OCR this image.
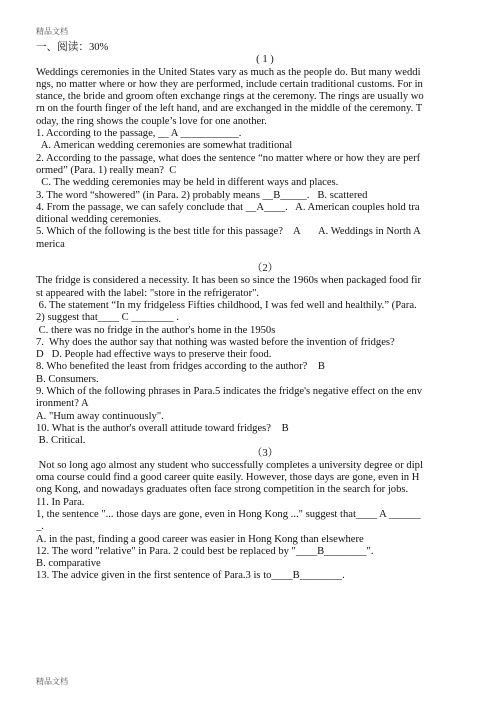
精品文档
一、阅读：30%
( 1 )
Weddings ceremonies in the United States vary as much as the people do. But many weddi
ngs, no matter where or how they are performed, include certain traditional customs. For in
stance, the bride and groom often exchange rings at the ceremony. The rings are usually wo
rn on the fourth finger of the left hand, and are exchanged in the middle of the ceremony. T
oday, the ring shows the couple’s love for one another.
1. According to the passage, __ A ___________.
A. American wedding ceremonies are somewhat traditional
2. According to the passage, what does the sentence “no matter where or how they are perf
ormed” (Para. 1) really mean?  C
C. The wedding ceremonies may be held in different ways and places.
3. The word “showered” (in Para. 2) probably means __B_____.   B. scattered
4. From the passage, we can safely conclude that __A____.   A. American couples hold tra
ditional wedding ceremonies.
5. Which of the following is the best title for this passage?    A       A. Weddings in North A
merica
（2）
The fridge is considered a necessity. It has been so since the 1960s when packaged food fir
st appeared with the label: "store in the refrigerator".
6. The statement “In my fridgeless Fifties childhood, I was fed well and healthily.” (Para.
2) suggest that____ C ________ .
C. there was no fridge in the author's home in the 1950s
7.  Why does the author say that nothing was wasted before the invention of fridges?
D   D. People had effective ways to preserve their food.
8. Who benefited the least from fridges according to the author?    B
B. Consumers.
9. Which of the following phrases in Para.5 indicates the fridge's negative effect on the env
ironment? A
A. "Hum away continuously".
10. What is the author's overall attitude toward fridges?    B
B. Critical.
（3）
Not so long ago almost any student who successfully completes a university degree or dipl
oma course could find a good career quite easily. However, those days are gone, even in H
ong Kong, and nowadays graduates often face strong competition in the search for jobs.
11. In Para.
1, the sentence "... those days are gone, even in Hong Kong ..." suggest that____ A ______
_.
A. in the past, finding a good career was easier in Hong Kong than elsewhere
12. The word "relative" in Para. 2 could best be replaced by "____B________".
B. comparative
13. The advice given in the first sentence of Para.3 is to____B________.
精品文档
